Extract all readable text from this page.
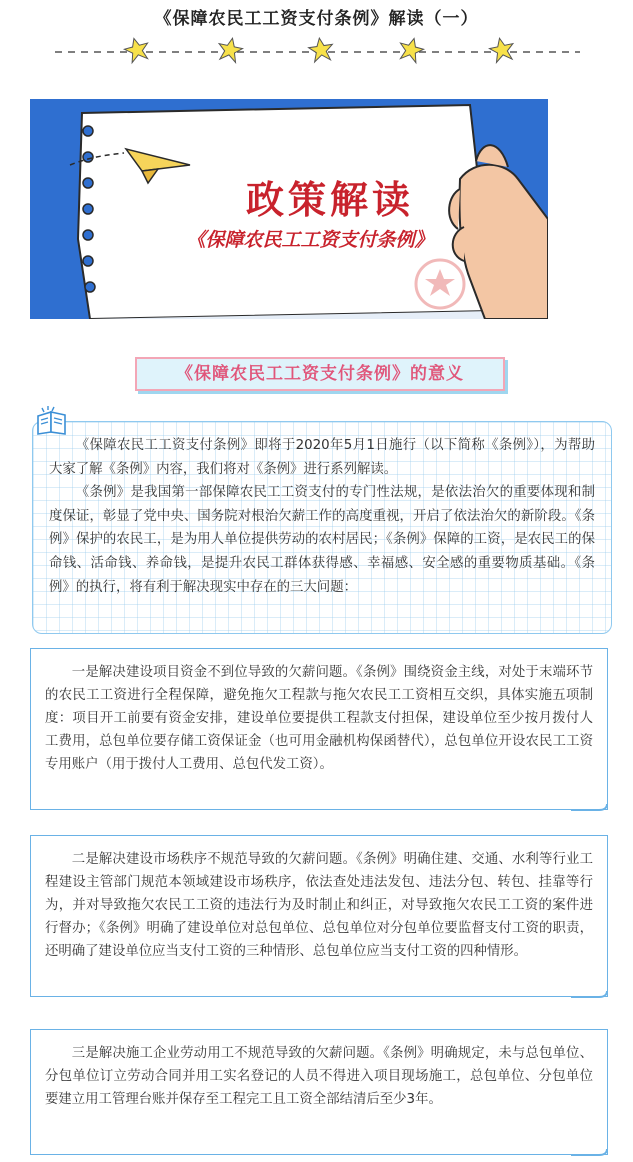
《保障农民工工资支付条例》解读（一）
政策解读
《保障农民工工资支付条例》
《保障农民工工资支付条例》的意义

《保障农民工工资支付条例》即将于2020年5月1日施行（以下简称《条例》），为帮助大家了解《条例》内容，我们将对《条例》进行系列解读。

《条例》是我国第一部保障农民工工资支付的专门性法规，是依法治欠的重要体现和制度保证，彰显了党中央、国务院对根治欠薪工作的高度重视，开启了依法治欠的新阶段。《条例》保护的农民工，是为用人单位提供劳动的农村居民；《条例》保障的工资，是农民工的保命钱、活命钱、养命钱，是提升农民工群体获得感、幸福感、安全感的重要物质基础。《条例》的执行，将有利于解决现实中存在的三大问题：

一是解决建设项目资金不到位导致的欠薪问题。《条例》围绕资金主线，对处于末端环节的农民工工资进行全程保障，避免拖欠工程款与拖欠农民工工资相互交织，具体实施五项制度：项目开工前要有资金安排，建设单位要提供工程款支付担保，建设单位至少按月拨付人工费用，总包单位要存储工资保证金（也可用金融机构保函替代），总包单位开设农民工工资专用账户（用于拨付人工费用、总包代发工资）。

二是解决建设市场秩序不规范导致的欠薪问题。《条例》明确住建、交通、水利等行业工程建设主管部门规范本领域建设市场秩序，依法查处违法发包、违法分包、转包、挂靠等行为，并对导致拖欠农民工工资的违法行为及时制止和纠正，对导致拖欠农民工工资的案件进行督办；《条例》明确了建设单位对总包单位、总包单位对分包单位要监督支付工资的职责，还明确了建设单位应当支付工资的三种情形、总包单位应当支付工资的四种情形。

三是解决施工企业劳动用工不规范导致的欠薪问题。《条例》明确规定，未与总包单位、分包单位订立劳动合同并用工实名登记的人员不得进入项目现场施工，总包单位、分包单位要建立用工管理台账并保存至工程完工且工资全部结清后至少3年。
